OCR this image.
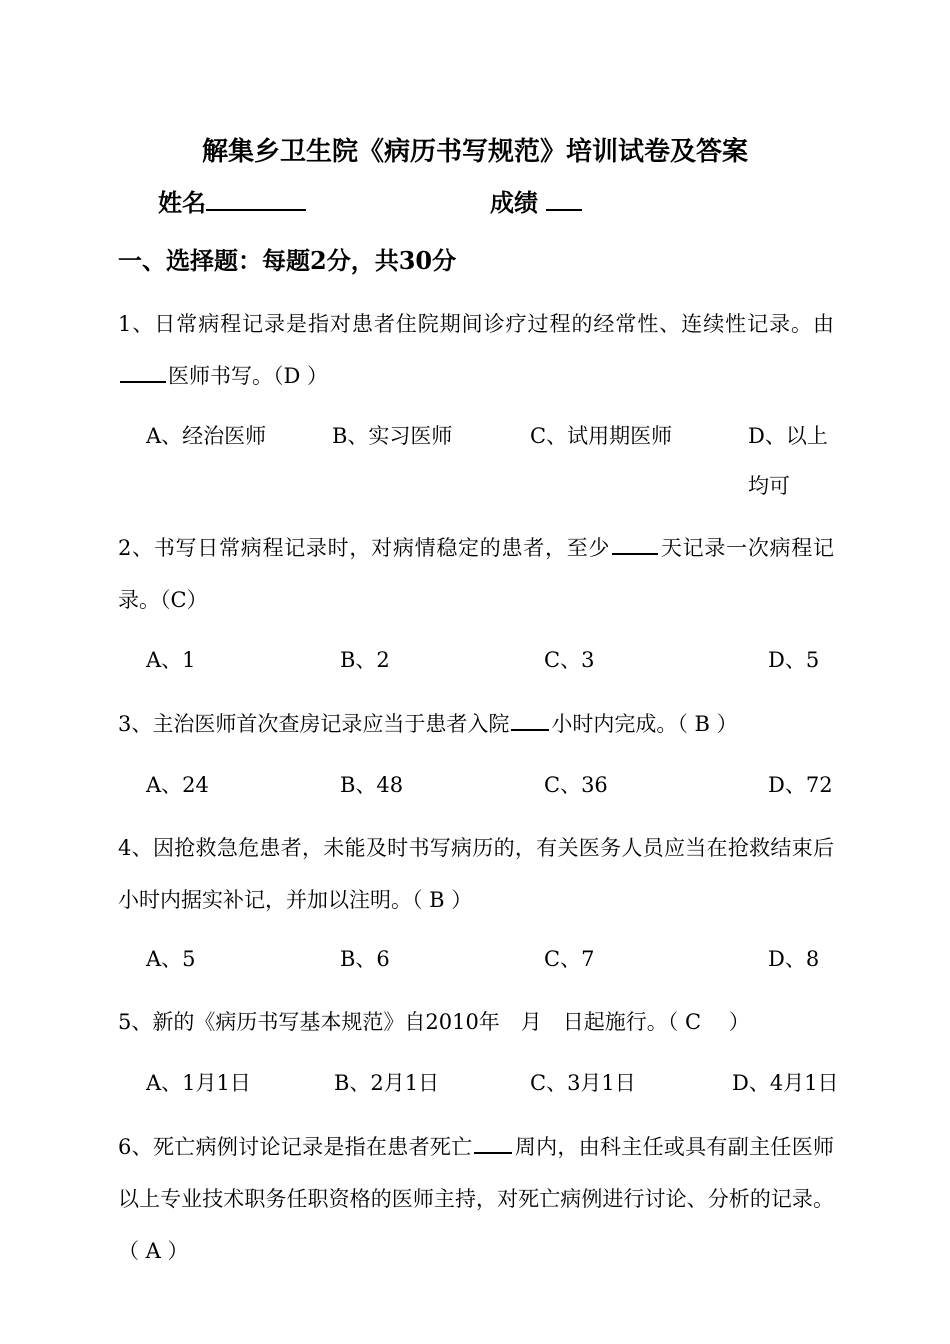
解集乡卫生院《病历书写规范》培训试卷及答案
姓名	成绩
一、选择题：每题2分，共30分
1、日常病程记录是指对患者住院期间诊疗过程的经常性、连续性记录。由医师书写。（D ）
A、经治医师	B、实习医师	C、试用期医师	D、以上均可
2、书写日常病程记录时，对病情稳定的患者，至少 天记录一次病程记录。（C）
A、1	B、2	C、3	D、5
3、主治医师首次查房记录应当于患者入院 小时内完成。（ B ）
A、24	B、48	C、36	D、72
4、因抢救急危患者，未能及时书写病历的，有关医务人员应当在抢救结束后小时内据实补记，并加以注明。（ B ）
A、5	B、6	C、7	D、8
5、新的《病历书写基本规范》自2010年　月　日起施行。（ C　 ）
A、1月1日	B、2月1日	C、3月1日	D、4月1日
6、死亡病例讨论记录是指在患者死亡 周内，由科主任或具有副主任医师以上专业技术职务任职资格的医师主持，对死亡病例进行讨论、分析的记录。（ A ）
